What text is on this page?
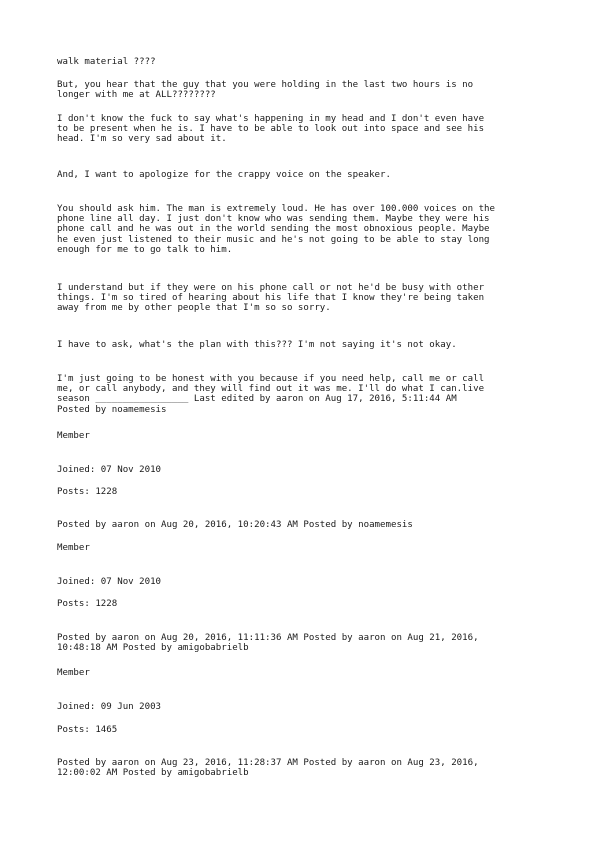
walk material ????

But, you hear that the guy that you were holding in the last two hours is no
longer with me at ALL????????

I don't know the fuck to say what's happening in my head and I don't even have
to be present when he is. I have to be able to look out into space and see his
head. I'm so very sad about it.

And, I want to apologize for the crappy voice on the speaker.

You should ask him. The man is extremely loud. He has over 100.000 voices on the
phone line all day. I just don't know who was sending them. Maybe they were his
phone call and he was out in the world sending the most obnoxious people. Maybe
he even just listened to their music and he's not going to be able to stay long
enough for me to go talk to him.

I understand but if they were on his phone call or not he'd be busy with other
things. I'm so tired of hearing about his life that I know they're being taken
away from me by other people that I'm so so sorry.

I have to ask, what's the plan with this??? I'm not saying it's not okay.

I'm just going to be honest with you because if you need help, call me or call
me, or call anybody, and they will find out it was me. I'll do what I can.live
season _________________ Last edited by aaron on Aug 17, 2016, 5:11:44 AM
Posted by noamemesis

Member

Joined: 07 Nov 2010

Posts: 1228

Posted by aaron on Aug 20, 2016, 10:20:43 AM Posted by noamemesis

Member

Joined: 07 Nov 2010

Posts: 1228

Posted by aaron on Aug 20, 2016, 11:11:36 AM Posted by aaron on Aug 21, 2016,
10:48:18 AM Posted by amigobabrielb

Member

Joined: 09 Jun 2003

Posts: 1465

Posted by aaron on Aug 23, 2016, 11:28:37 AM Posted by aaron on Aug 23, 2016,
12:00:02 AM Posted by amigobabrielb
